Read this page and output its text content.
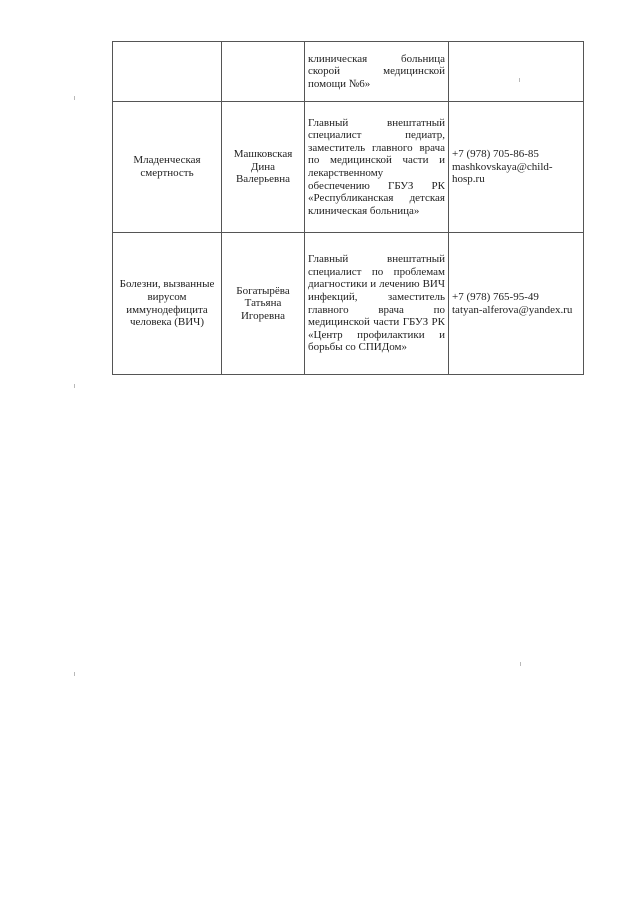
		клиническая больница скорой медицинской помощи №6»	

Младенческая смертность	Машковская Дина Валерьевна	Главный внештатный специалист педиатр, заместитель главного врача по медицинской части и лекарственному обеспечению ГБУЗ РК «Республиканская детская клиническая больница»	+7 (978) 705-86-85
mashkovskaya@child-hosp.ru

Болезни, вызванные вирусом иммунодефицита человека (ВИЧ)	Богатырёва Татьяна Игоревна	Главный внештатный специалист по проблемам диагностики и лечению ВИЧ инфекций, заместитель главного врача по медицинской части ГБУЗ РК «Центр профилактики и борьбы со СПИДом»	+7 (978) 765-95-49
tatyan-alferova@yandex.ru
